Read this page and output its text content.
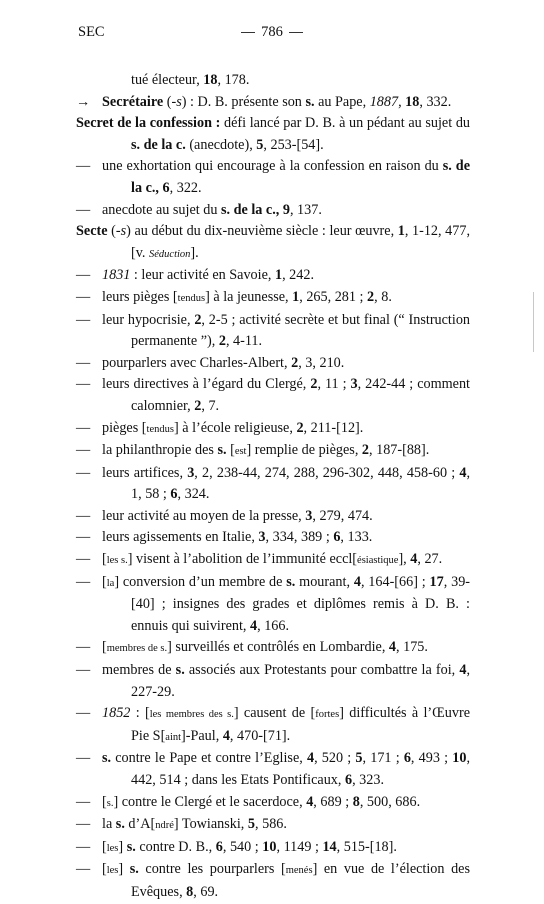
SEC	786
tué électeur, 18, 178.
→Secrétaire (-s) : D. B. présente son s. au Pape, 1887, 18, 332.
Secret de la confession : défi lancé par D. B. à un pédant au sujet du s. de la c. (anecdote), 5, 253-[54].
—une exhortation qui encourage à la confession en raison du s. de la c., 6, 322.
—anecdote au sujet du s. de la c., 9, 137.
Secte (-s) au début du dix-neuvième siècle : leur œuvre, 1, 1-12, 477, [v. Séduction].
—1831 : leur activité en Savoie, 1, 242.
—leurs pièges [tendus] à la jeunesse, 1, 265, 281 ; 2, 8.
—leur hypocrisie, 2, 2-5 ; activité secrète et but final (“ Instruction permanente ”), 2, 4-11.
—pourparlers avec Charles-Albert, 2, 3, 210.
—leurs directives à l’égard du Clergé, 2, 11 ; 3, 242-44 ; comment calomnier, 2, 7.
—pièges [tendus] à l’école religieuse, 2, 211-[12].
—la philanthropie des s. [est] remplie de pièges, 2, 187-[88].
—leurs artifices, 3, 2, 238-44, 274, 288, 296-302, 448, 458-60 ; 4, 1, 58 ; 6, 324.
—leur activité au moyen de la presse, 3, 279, 474.
—leurs agissements en Italie, 3, 334, 389 ; 6, 133.
—[les s.] visent à l’abolition de l’immunité eccl[ésiastique], 4, 27.
—[la] conversion d’un membre de s. mourant, 4, 164-[66] ; 17, 39-[40] ; insignes des grades et diplômes remis à D. B. : ennuis qui suivirent, 4, 166.
—[membres de s.] surveillés et contrôlés en Lombardie, 4, 175.
—membres de s. associés aux Protestants pour combattre la foi, 4, 227-29.
—1852 : [les membres des s.] causent de [fortes] difficultés à l’Œuvre Pie S[aint]-Paul, 4, 470-[71].
—s. contre le Pape et contre l’Eglise, 4, 520 ; 5, 171 ; 6, 493 ; 10, 442, 514 ; dans les Etats Pontificaux, 6, 323.
—[s.] contre le Clergé et le sacerdoce, 4, 689 ; 8, 500, 686.
—la s. d’A[ndré] Towianski, 5, 586.
—[les] s. contre D. B., 6, 540 ; 10, 1149 ; 14, 515-[18].
—[les] s. contre les pourparlers [menés] en vue de l’élection des Evêques, 8, 69.
